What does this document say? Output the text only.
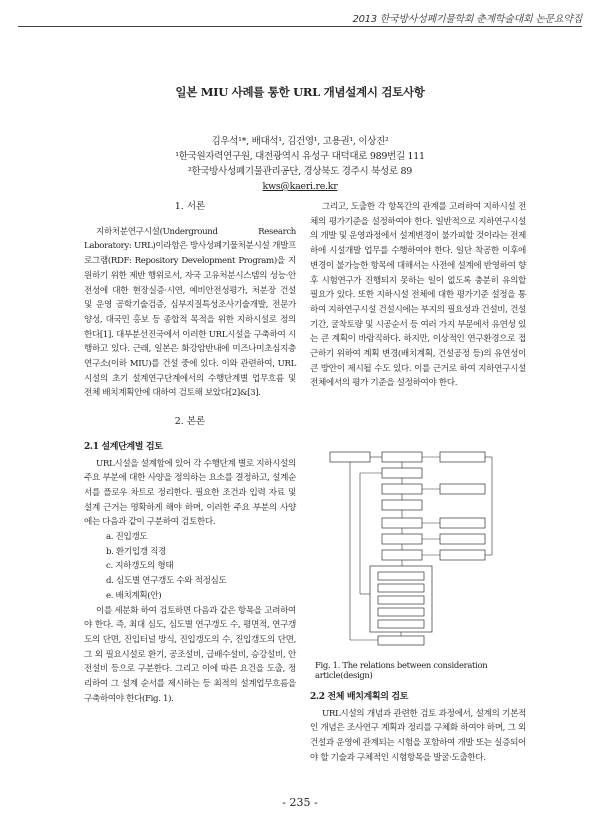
2013 한국방사성폐기물학회 춘계학술대회 논문요약집
일본 MIU 사례를 통한 URL 개념설계시 검토사항
김우석¹*, 배대석¹, 김건영¹, 고용권¹, 이상진²
¹한국원자력연구원, 대전광역시 유성구 대덕대로 989번길 111
²한국방사성폐기물관리공단, 경상북도 경주시 북성로 89
kws@kaeri.re.kr
1. 서론

지하처분연구시설(Underground Research Laboratory: URL)이라함은 방사성폐기물처분시설 개발프로그램(RDF: Repository Development Program)을 지원하기 위한 제반 행위로서, 자국 고유처분시스템의 성능·안전성에 대한 현장실증·시연, 예비안전성평가, 처분장 건설 및 운영 공학기술검증, 심부지질특성조사기술개발, 전문가 양성, 대국민 홍보 등 종합적 목적을 위한 지하시설로 정의한다[1]. 대부분선진국에서 이러한 URL시설을 구축하여 시행하고 있다. 근래, 일본은 화강암반내에 미즈나미초심지층연구소(이하 MIU)를 건설 중에 있다. 이와 관련하여, URL시설의 초기 설계연구단계에서의 수행단계별 업무흐름 및 전체 배치계획안에 대하여 검토해 보았다[2]&[3].

2. 본론
2.1 설계단계별 검토

URL시설을 설계함에 있어 각 수행단계 별로 지하시설의 주요 부분에 대한 사양을 정의하는 요소를 결정하고, 설계순서를 플로우 차트로 정리한다. 필요한 조건과 입력 자료 및 설계 근거는 명확하게 해야 하며, 이러한 주요 부분의 사양에는 다음과 같이 구분하여 검토한다.

a. 진입갱도
b. 환기입갱 직경
c. 지하갱도의 형태
d. 심도별 연구갱도 수와 적정심도
e. 배치계획(안)

이를 세분화 하여 검토하면 다음과 같은 항목을 고려하여야 한다. 즉, 최대 심도, 심도별 연구갱도 수, 평면적, 연구갱도의 단면, 진입터널 방식, 진입갱도의 수, 진입갱도의 단면, 그 외 필요시설로 환기, 공조설비, 급배수설비, 승강설비, 안전설비 등으로 구분한다. 그리고 이에 따른 요건을 도출, 정리하여 그 설계 순서를 제시하는 등 최적의 설계업무흐름을 구축하여야 한다(Fig. 1).

그리고, 도출한 각 항목간의 관계를 고려하여 지하시설 전체의 평가기준을 설정하여야 한다. 일반적으로 지하연구시설의 개발 및 운영과정에서 설계변경이 불가피할 것이라는 전제 하에 시설개발 업무를 수행하여야 한다. 일단 착공한 이후에 변경이 불가능한 항목에 대해서는 사전에 설계에 반영하여 향후 시험연구가 진행되지 못하는 일이 없도록 충분히 유의할 필요가 있다. 또한 지하시설 전체에 대한 평가기준 설정을 통하여 지하연구시설 건설시에는 부지의 필요성과 건설비, 건설기간, 굴착토량 및 시공순서 등 여러 가지 부문에서 유연성 있는 큰 계획이 바람직하다. 하지만, 이상적인 연구환경으로 접근하기 위하여 계획 변경(배치계획, 건설공정 등)의 유연성이 큰 방안이 제시될 수도 있다. 이를 근거로 하여 지하연구시설 전체에서의 평가 기준을 설정하여야 한다.

2.2 전체 배치계획의 검토

URL시설의 개념과 관련한 검토 과정에서, 설계의 기본적인 개념은 조사연구 계획과 정리를 구체화 하여야 하며, 그 외 건설과 운영에 관계되는 시험을 포함하여 개발 또는 실증되어야 할 기술과 구체적인 시험항목을 발굴·도출한다.

Fig. 1. The relations between consideration article(design)
- 235 -
